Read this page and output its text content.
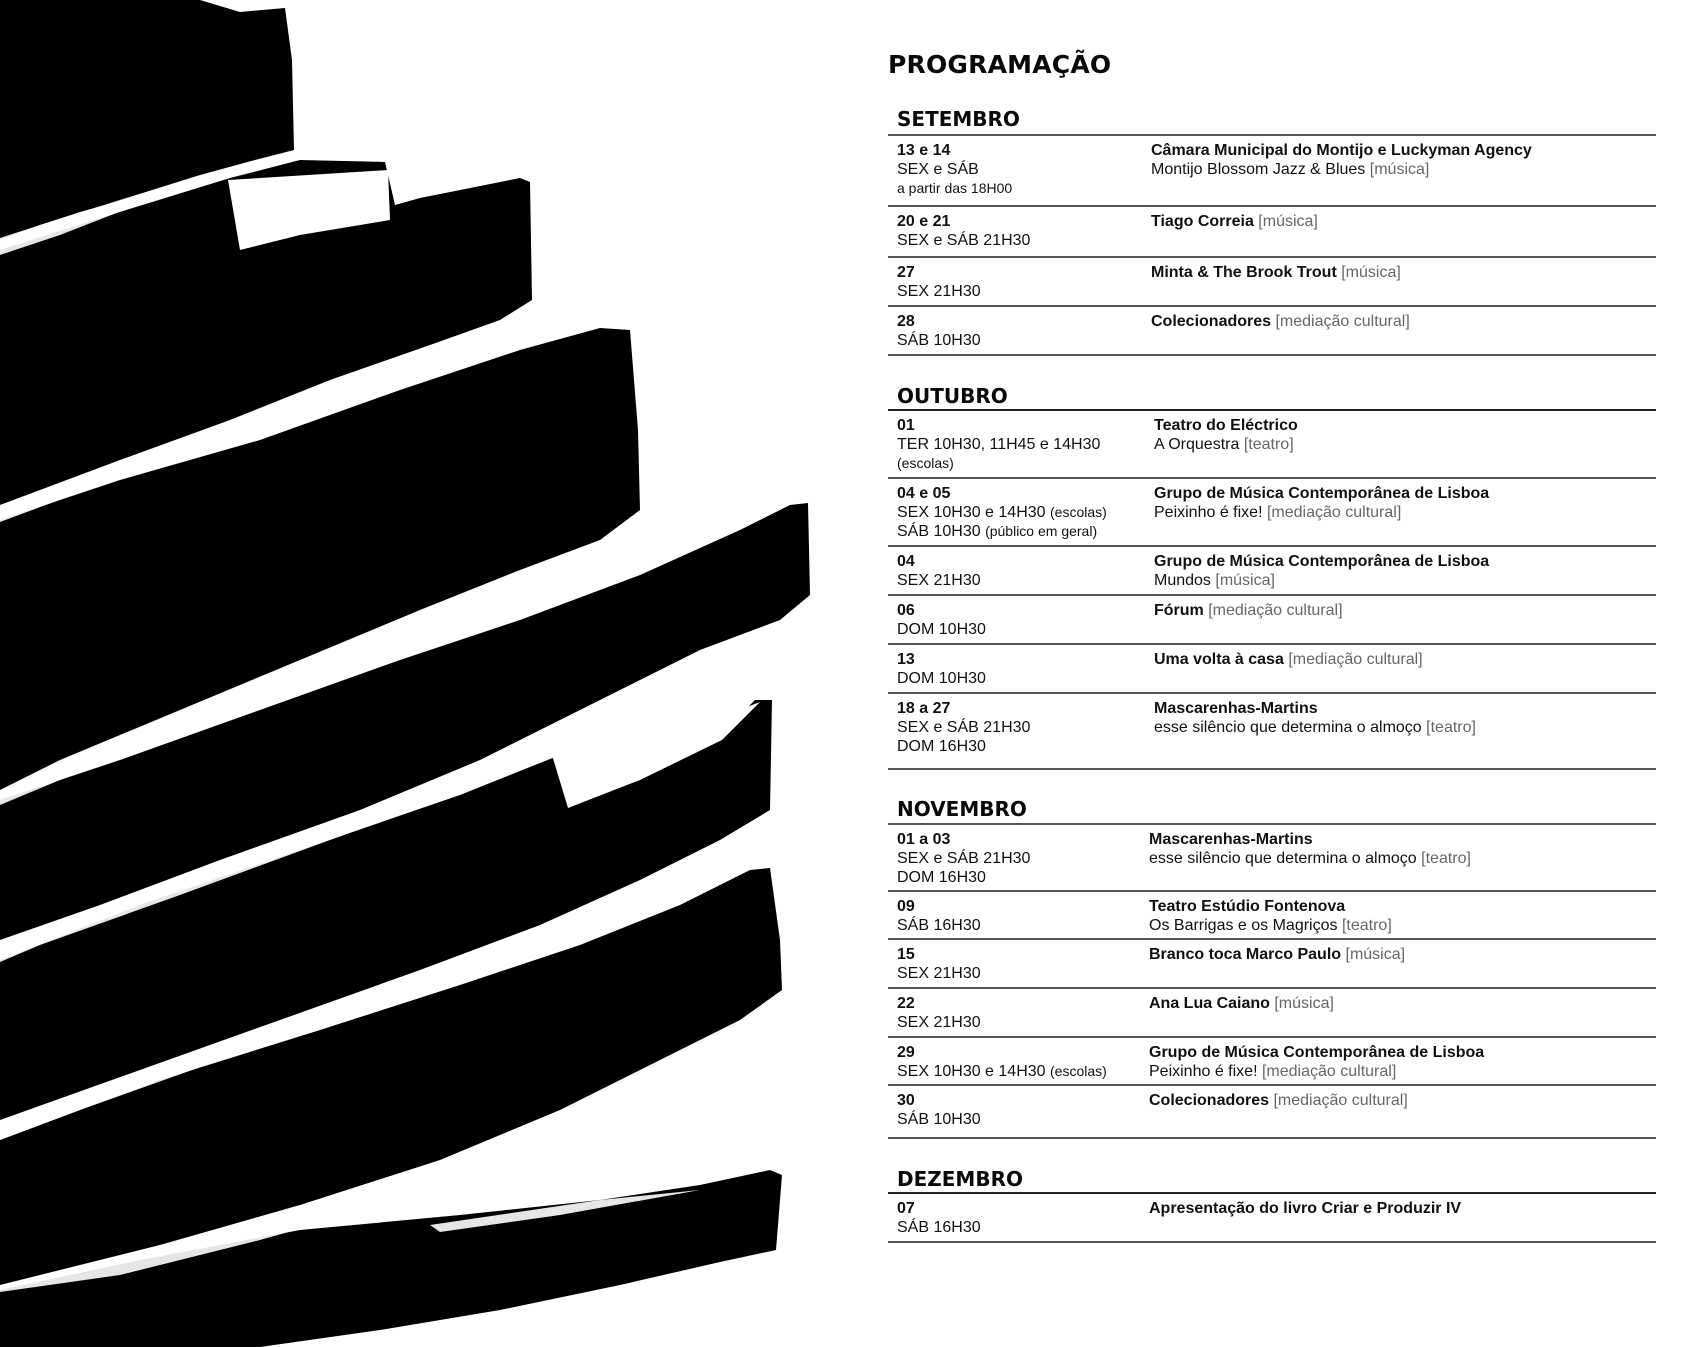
PROGRAMAÇÃO
SETEMBRO
13 e 14
SEX e SÁB
a partir das 18H00
Câmara Municipal do Montijo e Luckyman Agency
Montijo Blossom Jazz & Blues [música]
20 e 21
SEX e SÁB 21H30
Tiago Correia [música]
27
SEX 21H30
Minta & The Brook Trout [música]
28
SÁB 10H30
Colecionadores [mediação cultural]
OUTUBRO
01
TER 10H30, 11H45 e 14H30
(escolas)
Teatro do Eléctrico
A Orquestra [teatro]
04 e 05
SEX 10H30 e 14H30 (escolas)
SÁB 10H30 (público em geral)
Grupo de Música Contemporânea de Lisboa
Peixinho é fixe! [mediação cultural]
04
SEX 21H30
Grupo de Música Contemporânea de Lisboa
Mundos [música]
06
DOM 10H30
Fórum [mediação cultural]
13
DOM 10H30
Uma volta à casa [mediação cultural]
18 a 27
SEX e SÁB 21H30
DOM 16H30
Mascarenhas-Martins
esse silêncio que determina o almoço [teatro]
NOVEMBRO
01 a 03
SEX e SÁB 21H30
DOM 16H30
Mascarenhas-Martins
esse silêncio que determina o almoço [teatro]
09
SÁB 16H30
Teatro Estúdio Fontenova
Os Barrigas e os Magriços [teatro]
15
SEX 21H30
Branco toca Marco Paulo [música]
22
SEX 21H30
Ana Lua Caiano [música]
29
SEX 10H30 e 14H30 (escolas)
Grupo de Música Contemporânea de Lisboa
Peixinho é fixe! [mediação cultural]
30
SÁB 10H30
Colecionadores [mediação cultural]
DEZEMBRO
07
SÁB 16H30
Apresentação do livro Criar e Produzir IV
